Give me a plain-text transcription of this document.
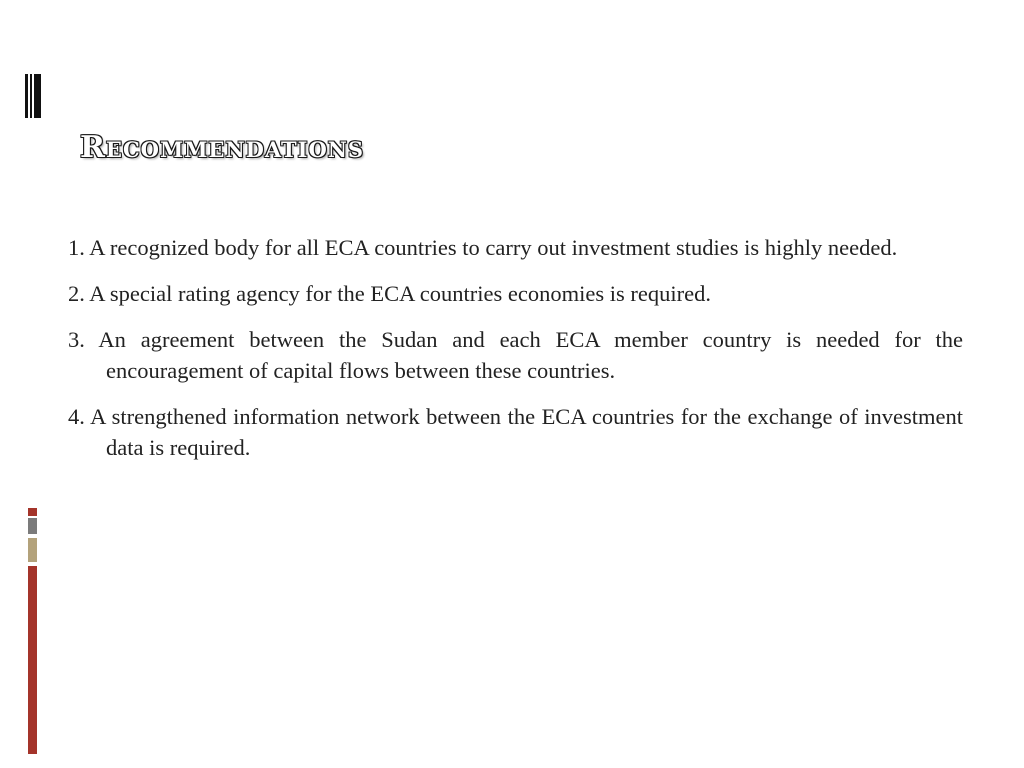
Recommendations
1. A recognized body for all ECA countries to carry out investment studies is highly needed.
2. A special rating agency for the ECA countries economies is required.
3. An agreement between the Sudan and each ECA member country is needed for the encouragement of capital flows between these countries.
4. A strengthened information network between the ECA countries for the exchange of investment data is required.
